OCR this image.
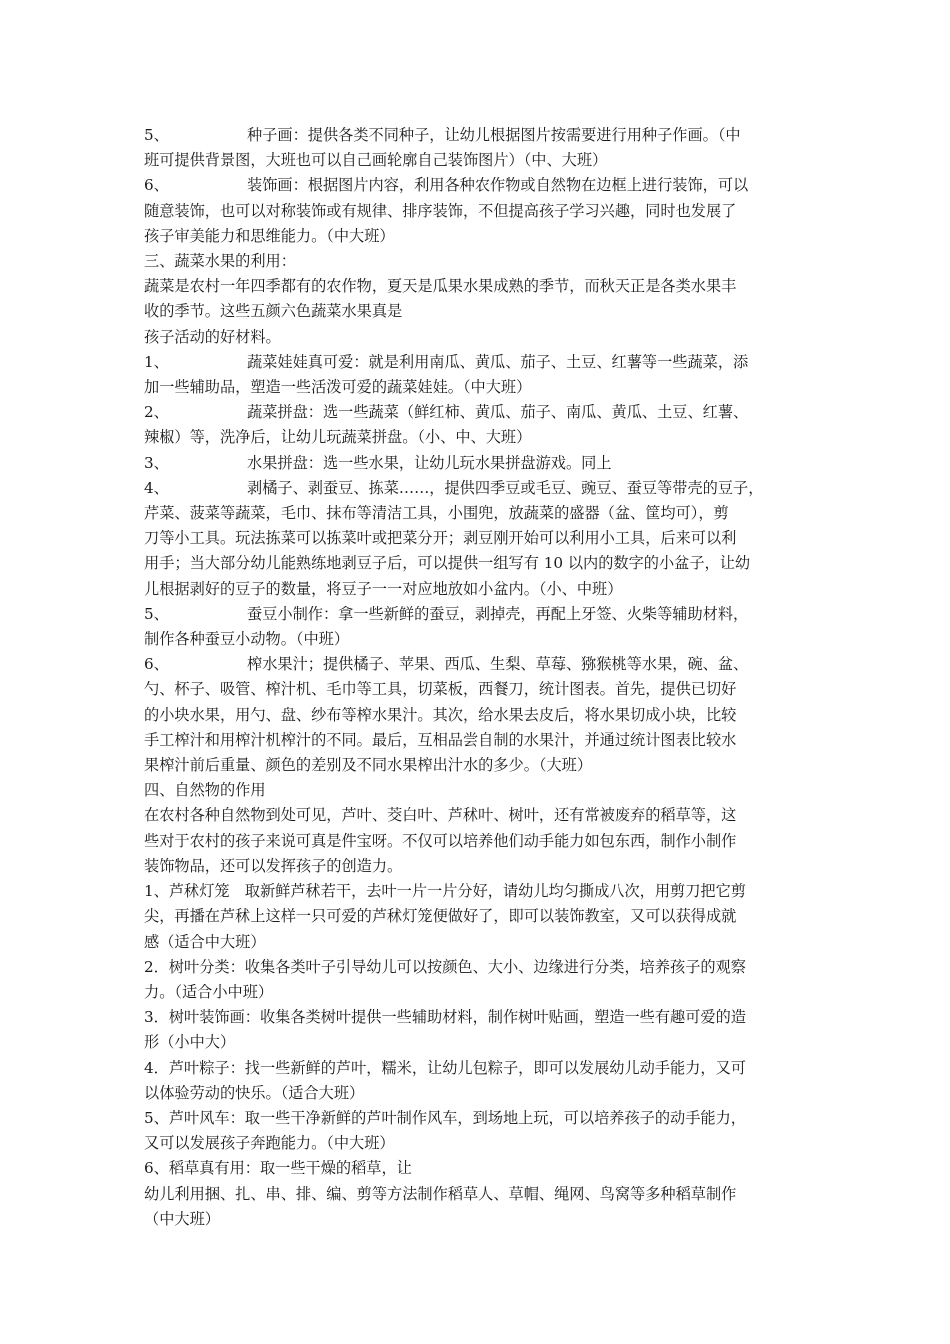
5、	种子画：提供各类不同种子，让幼儿根据图片按需要进行用种子作画。（中

班可提供背景图，大班也可以自己画轮廓自己装饰图片）（中、大班）

6、	装饰画：根据图片内容，利用各种农作物或自然物在边框上进行装饰，可以

随意装饰，也可以对称装饰或有规律、排序装饰，不但提高孩子学习兴趣，同时也发展了

孩子审美能力和思维能力。（中大班）

三、蔬菜水果的利用：

蔬菜是农村一年四季都有的农作物，夏天是瓜果水果成熟的季节，而秋天正是各类水果丰

收的季节。这些五颜六色蔬菜水果真是

孩子活动的好材料。

1、	蔬菜娃娃真可爱：就是利用南瓜、黄瓜、茄子、土豆、红薯等一些蔬菜，添

加一些辅助品，塑造一些活泼可爱的蔬菜娃娃。（中大班）

2、	蔬菜拼盘：选一些蔬菜（鲜红柿、黄瓜、茄子、南瓜、黄瓜、土豆、红薯、

辣椒）等，洗净后，让幼儿玩蔬菜拼盘。（小、中、大班）

3、	水果拼盘：选一些水果，让幼儿玩水果拼盘游戏。同上

4、	剥橘子、剥蚕豆、拣菜……，提供四季豆或毛豆、豌豆、蚕豆等带壳的豆子，

芹菜、菠菜等蔬菜，毛巾、抹布等清洁工具，小围兜，放蔬菜的盛器（盆、筐均可），剪

刀等小工具。玩法拣菜可以拣菜叶或把菜分开；剥豆刚开始可以利用小工具，后来可以利

用手；当大部分幼儿能熟练地剥豆子后，可以提供一组写有 10 以内的数字的小盆子，让幼

儿根据剥好的豆子的数量，将豆子一一对应地放如小盆内。（小、中班）

5、	蚕豆小制作：拿一些新鲜的蚕豆，剥掉壳，再配上牙签、火柴等辅助材料，

制作各种蚕豆小动物。（中班）

6、	榨水果汁；提供橘子、苹果、西瓜、生梨、草莓、猕猴桃等水果，碗、盆、

勺、杯子、吸管、榨汁机、毛巾等工具，切菜板，西餐刀，统计图表。首先，提供已切好

的小块水果，用勺、盘、纱布等榨水果汁。其次，给水果去皮后，将水果切成小块，比较

手工榨汁和用榨汁机榨汁的不同。最后，互相品尝自制的水果汁，并通过统计图表比较水

果榨汁前后重量、颜色的差别及不同水果榨出汁水的多少。（大班）

四、自然物的作用

在农村各种自然物到处可见，芦叶、茭白叶、芦秫叶、树叶，还有常被废弃的稻草等，这

些对于农村的孩子来说可真是件宝呀。不仅可以培养他们动手能力如包东西，制作小制作

装饰物品，还可以发挥孩子的创造力。

1、芦秫灯笼　取新鲜芦秫若干，去叶一片一片分好，请幼儿均匀撕成八次，用剪刀把它剪

尖，再播在芦秫上这样一只可爱的芦秫灯笼便做好了，即可以装饰教室，又可以获得成就

感（适合中大班）

2．树叶分类：收集各类叶子引导幼儿可以按颜色、大小、边缘进行分类，培养孩子的观察

力。（适合小中班）

3．树叶装饰画：收集各类树叶提供一些辅助材料，制作树叶贴画，塑造一些有趣可爱的造

形（小中大）

4．芦叶粽子：找一些新鲜的芦叶，糯米，让幼儿包粽子，即可以发展幼儿动手能力，又可

以体验劳动的快乐。（适合大班）

5、芦叶风车：取一些干净新鲜的芦叶制作风车，到场地上玩，可以培养孩子的动手能力，

又可以发展孩子奔跑能力。（中大班）

6、稻草真有用：取一些干燥的稻草，让

幼儿利用捆、扎、串、排、编、剪等方法制作稻草人、草帽、绳网、鸟窝等多种稻草制作

（中大班）
